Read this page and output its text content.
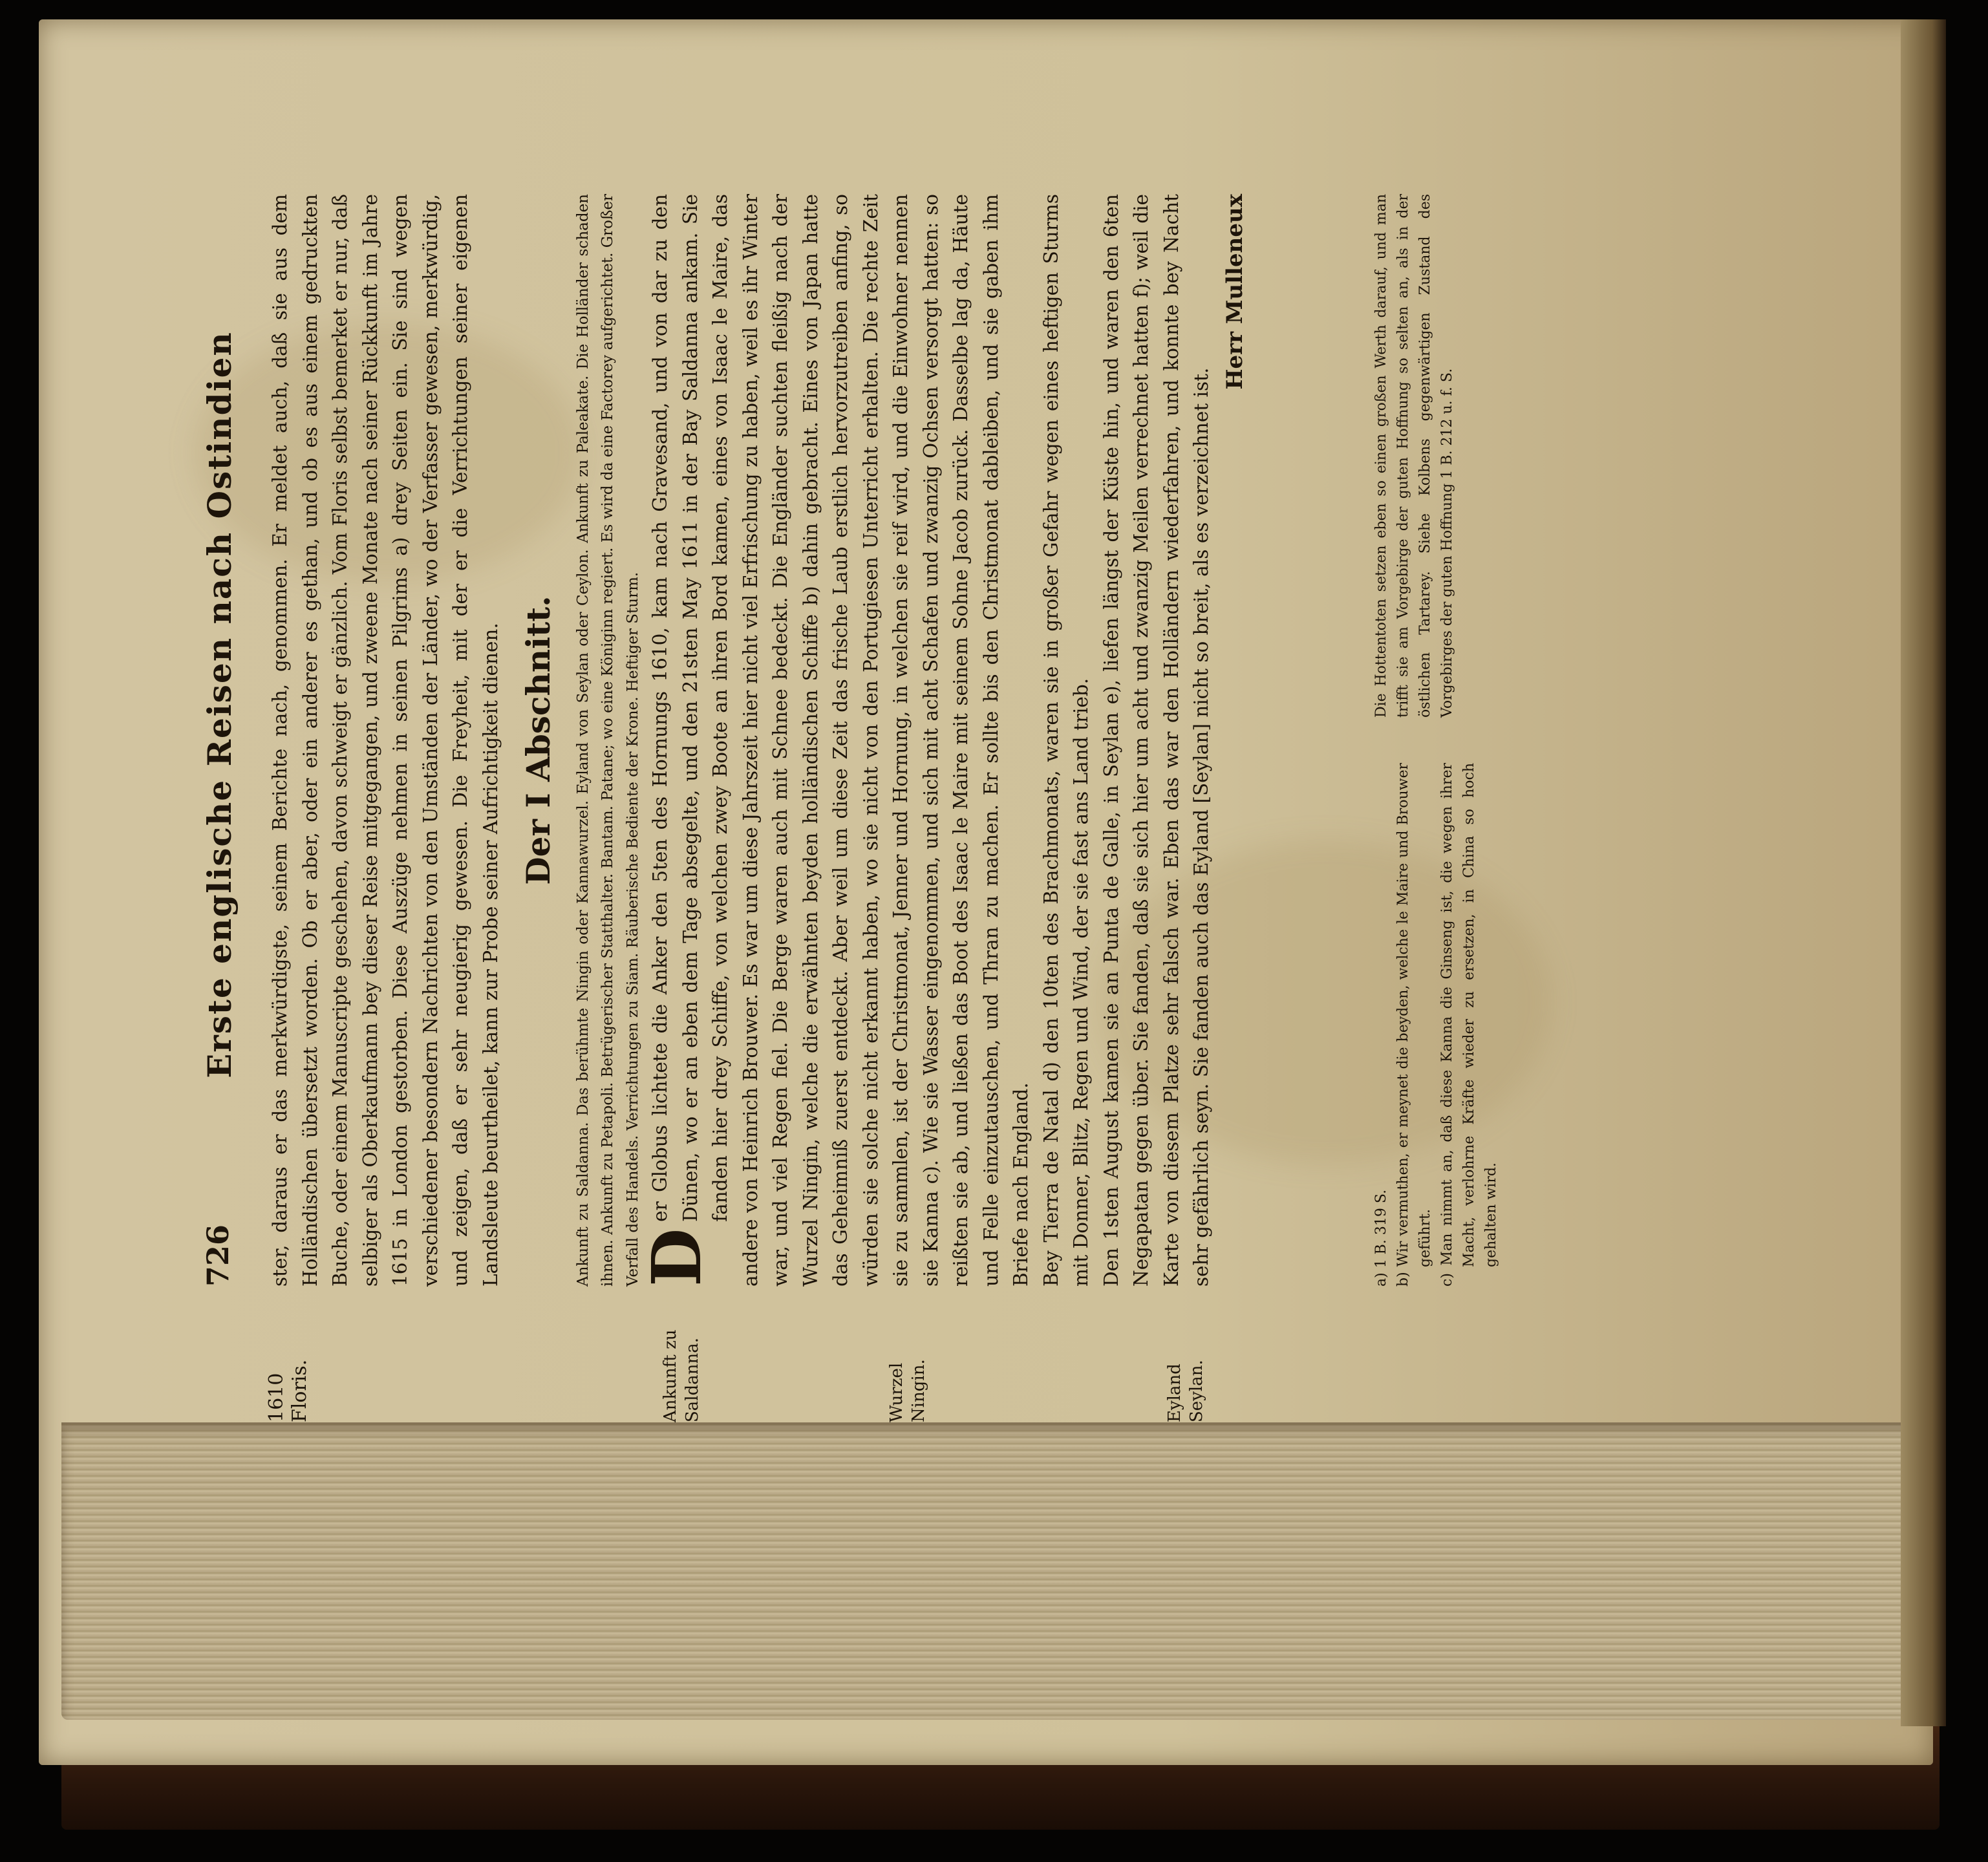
726
Erste englische Reisen nach Ostindien
1610 Floris.	Ankunft zu Saldanna.	Wurzel Ningin.	Eyland Seylan.

ster, daraus er das merkwürdigste, seinem Berichte nach, genommen. Er meldet auch, daß sie aus dem Holländischen übersetzt worden. Ob er aber, oder ein anderer es gethan, und ob es aus einem gedruckten Buche, oder einem Manuscripte geschehen, davon schweigt er gänzlich. Vom Floris selbst bemerket er nur, daß selbiger als Oberkaufmann bey dieser Reise mitgegangen, und zweene Monate nach seiner Rückkunft im Jahre 1615 in London gestorben. Diese Auszüge nehmen in seinen Pilgrims a) drey Seiten ein. Sie sind wegen verschiedener besondern Nachrichten von den Umständen der Länder, wo der Verfasser gewesen, merkwürdig, und zeigen, daß er sehr neugierig gewesen. Die Freyheit, mit der er die Verrichtungen seiner eigenen Landsleute beurtheilet, kann zur Probe seiner Aufrichtigkeit dienen. Der I Abschnitt. Ankunft zu Saldanna. Das berühmte Ningin oder Kannawurzel. Eyland von Seylan oder Ceylon. Ankunft zu Paleakate. Die Holländer schaden ihnen. Ankunft zu Petapoli. Betrügerischer Statthalter. Bantam. Patane; wo eine Königinn regiert. Es wird da eine Factorey aufgerichtet. Großer Verfall des Handels. Verrichtungen zu Siam. Räuberische Bediente der Krone. Heftiger Sturm.

D
er Globus lichtete die Anker den 5ten des Hornungs 1610, kam nach Gravesand, und von dar zu den Dünen, wo er an eben dem Tage absegelte, und den 21sten May 1611 in der Bay Saldanna ankam. Sie fanden hier drey Schiffe, von welchen zwey Boote an ihren Bord kamen, eines von Isaac le Maire, das andere von Heinrich Brouwer. Es war um diese Jahrszeit hier nicht viel Erfrischung zu haben, weil es ihr Winter war, und viel Regen fiel. Die Berge waren auch mit Schnee bedeckt. Die Engländer suchten fleißig nach der Wurzel Ningin, welche die erwähnten beyden holländischen Schiffe b) dahin gebracht. Eines von Japan hatte das Geheimniß zuerst entdeckt. Aber weil um diese Zeit das frische Laub erstlich hervorzutreiben anfing, so würden sie solche nicht erkannt haben, wo sie nicht von den Portugiesen Unterricht erhalten. Die rechte Zeit sie zu sammlen, ist der Christmonat, Jenner und Hornung, in welchen sie reif wird, und die Einwohner nennen sie Kanna c). Wie sie Wasser eingenommen, und sich mit acht Schafen und zwanzig Ochsen versorgt hatten: so reißten sie ab, und ließen das Boot des Isaac le Maire mit seinem Sohne Jacob zurück. Dasselbe lag da, Häute und Felle einzutauschen, und Thran zu machen. Er sollte bis den Christmonat dableiben, und sie gaben ihm Briefe nach England. Bey Tierra de Natal d) den 10ten des Brachmonats, waren sie in großer Gefahr wegen eines heftigen Sturms mit Donner, Blitz, Regen und Wind, der sie fast ans Land trieb. Den 1sten August kamen sie an Punta de Galle, in Seylan e), liefen längst der Küste hin, und waren den 6ten Negapatan gegen über. Sie fanden, daß sie sich hier um acht und zwanzig Meilen verrechnet hatten f); weil die Karte von diesem Platze sehr falsch war. Eben das war den Holländern wiederfahren, und konnte bey Nacht sehr gefährlich seyn. Sie fanden auch das Eyland [Seylan] nicht so breit, als es verzeichnet ist.

Herr Mulleneux

a) 1 B. 319 S. b) Wir vermuthen, er meynet die beyden, welche le Maire und Brouwer geführt. c) Man nimmt an, daß diese Kanna die Ginseng ist, die wegen ihrer Macht, verlohrne Kräfte wieder zu ersetzen, in China so hoch gehalten wird.

Die Hottentoten setzen eben so einen großen Werth darauf, und man trifft sie am Vorgebirge der guten Hoffnung so selten an, als in der östlichen Tartarey. Siehe Kolbens gegenwärtigen Zustand des Vorgebirges der guten Hoffnung 1 B. 212 u. f. S.
